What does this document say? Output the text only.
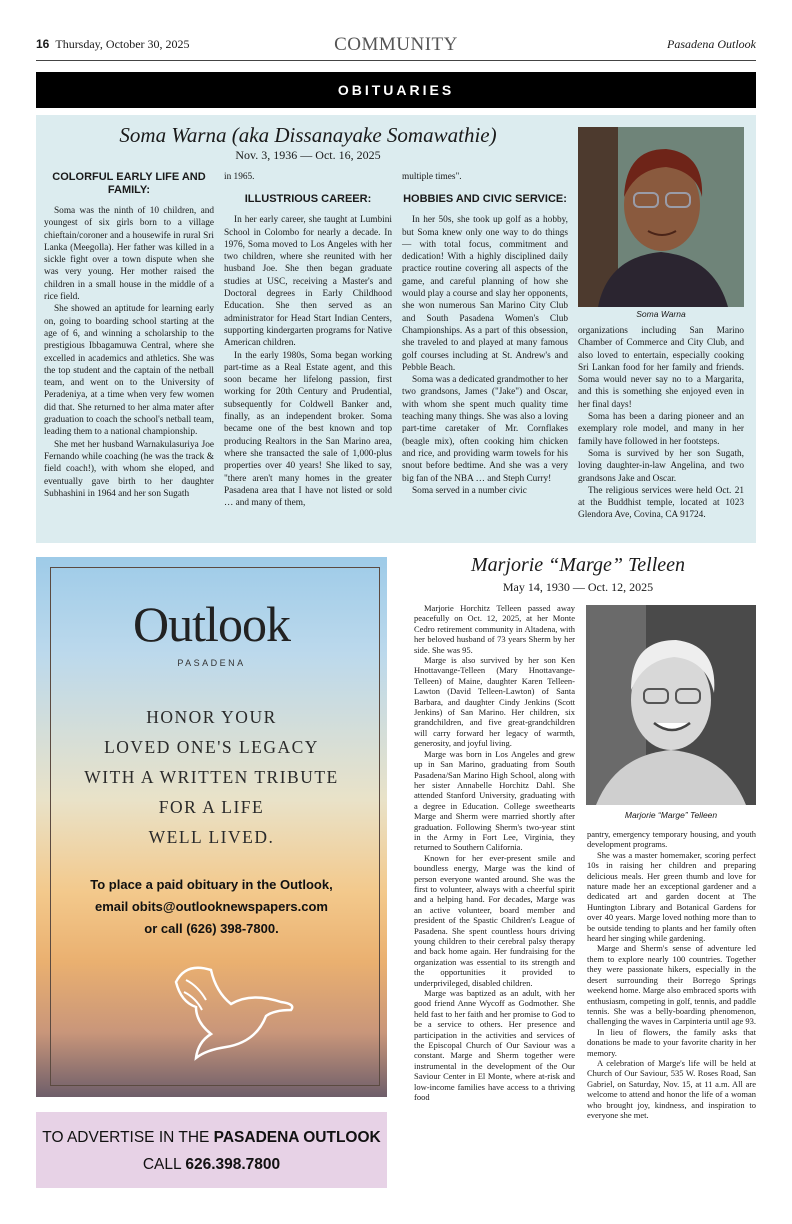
16 Thursday, October 30, 2025	COMMUNITY	Pasadena Outlook
OBITUARIES
Soma Warna (aka Dissanayake Somawathie)
Nov. 3, 1936 — Oct. 16, 2025
COLORFUL EARLY LIFE AND FAMILY:

Soma was the ninth of 10 children, and youngest of six girls born to a village chieftain/coroner and a housewife in rural Sri Lanka (Meegolla). Her father was killed in a sickle fight over a town dispute when she was very young. Her mother raised the children in a small house in the middle of a rice field.

She showed an aptitude for learning early on, going to boarding school starting at the age of 6, and winning a scholarship to the prestigious Ibbagamuwa Central, where she excelled in academics and athletics. She was the top student and the captain of the netball team, and went on to the University of Peradeniya, at a time when very few women did that. She returned to her alma mater after graduation to coach the school's netball team, leading them to a national championship.

She met her husband Warnakulasuriya Joe Fernando while coaching (he was the track & field coach!), with whom she eloped, and eventually gave birth to her daughter Subhashini in 1964 and her son Sugath

in 1965.

ILLUSTRIOUS CAREER:

In her early career, she taught at Lumbini School in Colombo for nearly a decade. In 1976, Soma moved to Los Angeles with her two children, where she reunited with her husband Joe. She then began graduate studies at USC, receiving a Master's and Doctoral degrees in Early Childhood Education. She then served as an administrator for Head Start Indian Centers, supporting kindergarten programs for Native American children.

In the early 1980s, Soma began working part-time as a Real Estate agent, and this soon became her lifelong passion, first working for 20th Century and Prudential, subsequently for Coldwell Banker and, finally, as an independent broker. Soma became one of the best known and top producing Realtors in the San Marino area, where she transacted the sale of 1,000-plus properties over 40 years! She liked to say, "there aren't many homes in the greater Pasadena area that I have not listed or sold … and many of them,

multiple times".

HOBBIES AND CIVIC SERVICE:

In her 50s, she took up golf as a hobby, but Soma knew only one way to do things — with total focus, commitment and dedication! With a highly disciplined daily practice routine covering all aspects of the game, and careful planning of how she would play a course and slay her opponents, she won numerous San Marino City Club and South Pasadena Women's Club Championships. As a part of this obsession, she traveled to and played at many famous golf courses including at St. Andrew's and Pebble Beach.

Soma was a dedicated grandmother to her two grandsons, James ("Jake") and Oscar, with whom she spent much quality time teaching many things. She was also a loving part-time caretaker of Mr. Cornflakes (beagle mix), often cooking him chicken and rice, and providing warm towels for his snout before bedtime. And she was a very big fan of the NBA … and Steph Curry!

Soma served in a number civic

Soma Warna

organizations including San Marino Chamber of Commerce and City Club, and also loved to entertain, especially cooking Sri Lankan food for her family and friends. Soma would never say no to a Margarita, and this is something she enjoyed even in her final days!

Soma has been a daring pioneer and an exemplary role model, and many in her family have followed in her footsteps.

Soma is survived by her son Sugath, loving daughter-in-law Angelina, and two grandsons Jake and Oscar.

The religious services were held Oct. 21 at the Buddhist temple, located at 1023 Glendora Ave, Covina, CA 91724.

Outlook
PASADENA
HONOR YOUR
LOVED ONE'S LEGACY
WITH A WRITTEN TRIBUTE
FOR A LIFE
WELL LIVED.
To place a paid obituary in the Outlook,
email obits@outlooknewspapers.com
or call (626) 398-7800.
TO ADVERTISE IN THE PASADENA OUTLOOK
CALL 626.398.7800
Marjorie “Marge” Telleen
May 14, 1930 — Oct. 12, 2025

Marjorie Horchitz Telleen passed away peacefully on Oct. 12, 2025, at her Monte Cedro retirement community in Altadena, with her beloved husband of 73 years Sherm by her side. She was 95.

Marge is also survived by her son Ken Hnottavange-Telleen (Mary Hnottavange-Telleen) of Maine, daughter Karen Telleen-Lawton (David Telleen-Lawton) of Santa Barbara, and daughter Cindy Jenkins (Scott Jenkins) of San Marino. Her children, six grandchildren, and five great-grandchildren will carry forward her legacy of warmth, generosity, and joyful living.

Marge was born in Los Angeles and grew up in San Marino, graduating from South Pasadena/San Marino High School, along with her sister Annabelle Horchitz Dahl. She attended Stanford University, graduating with a degree in Education. College sweethearts Marge and Sherm were married shortly after graduation. Following Sherm's two-year stint in the Army in Fort Lee, Virginia, they returned to Southern California.

Known for her ever-present smile and boundless energy, Marge was the kind of person everyone wanted around. She was the first to volunteer, always with a cheerful spirit and a helping hand. For decades, Marge was an active volunteer, board member and president of the Spastic Children's League of Pasadena. She spent countless hours driving young children to their cerebral palsy therapy and back home again. Her fundraising for the organization was essential to its strength and the opportunities it provided to underprivileged, disabled children.

Marge was baptized as an adult, with her good friend Anne Wycoff as Godmother. She held fast to her faith and her promise to God to be a service to others. Her presence and participation in the activities and services of the Episcopal Church of Our Saviour was a constant. Marge and Sherm together were instrumental in the development of the Our Saviour Center in El Monte, where at-risk and low-income families have access to a thriving food

Marjorie “Marge” Telleen

pantry, emergency temporary housing, and youth development programs.

She was a master homemaker, scoring perfect 10s in raising her children and preparing delicious meals. Her green thumb and love for nature made her an exceptional gardener and a dedicated art and garden docent at The Huntington Library and Botanical Gardens for over 40 years. Marge loved nothing more than to be outside tending to plants and her family often heard her singing while gardening.

Marge and Sherm's sense of adventure led them to explore nearly 100 countries. Together they were passionate hikers, especially in the desert surrounding their Borrego Springs weekend home. Marge also embraced sports with enthusiasm, competing in golf, tennis, and paddle tennis. She was a belly-boarding phenomenon, challenging the waves in Carpinteria until age 93.

In lieu of flowers, the family asks that donations be made to your favorite charity in her memory.

A celebration of Marge's life will be held at Church of Our Saviour, 535 W. Roses Road, San Gabriel, on Saturday, Nov. 15, at 11 a.m. All are welcome to attend and honor the life of a woman who brought joy, kindness, and inspiration to everyone she met.
